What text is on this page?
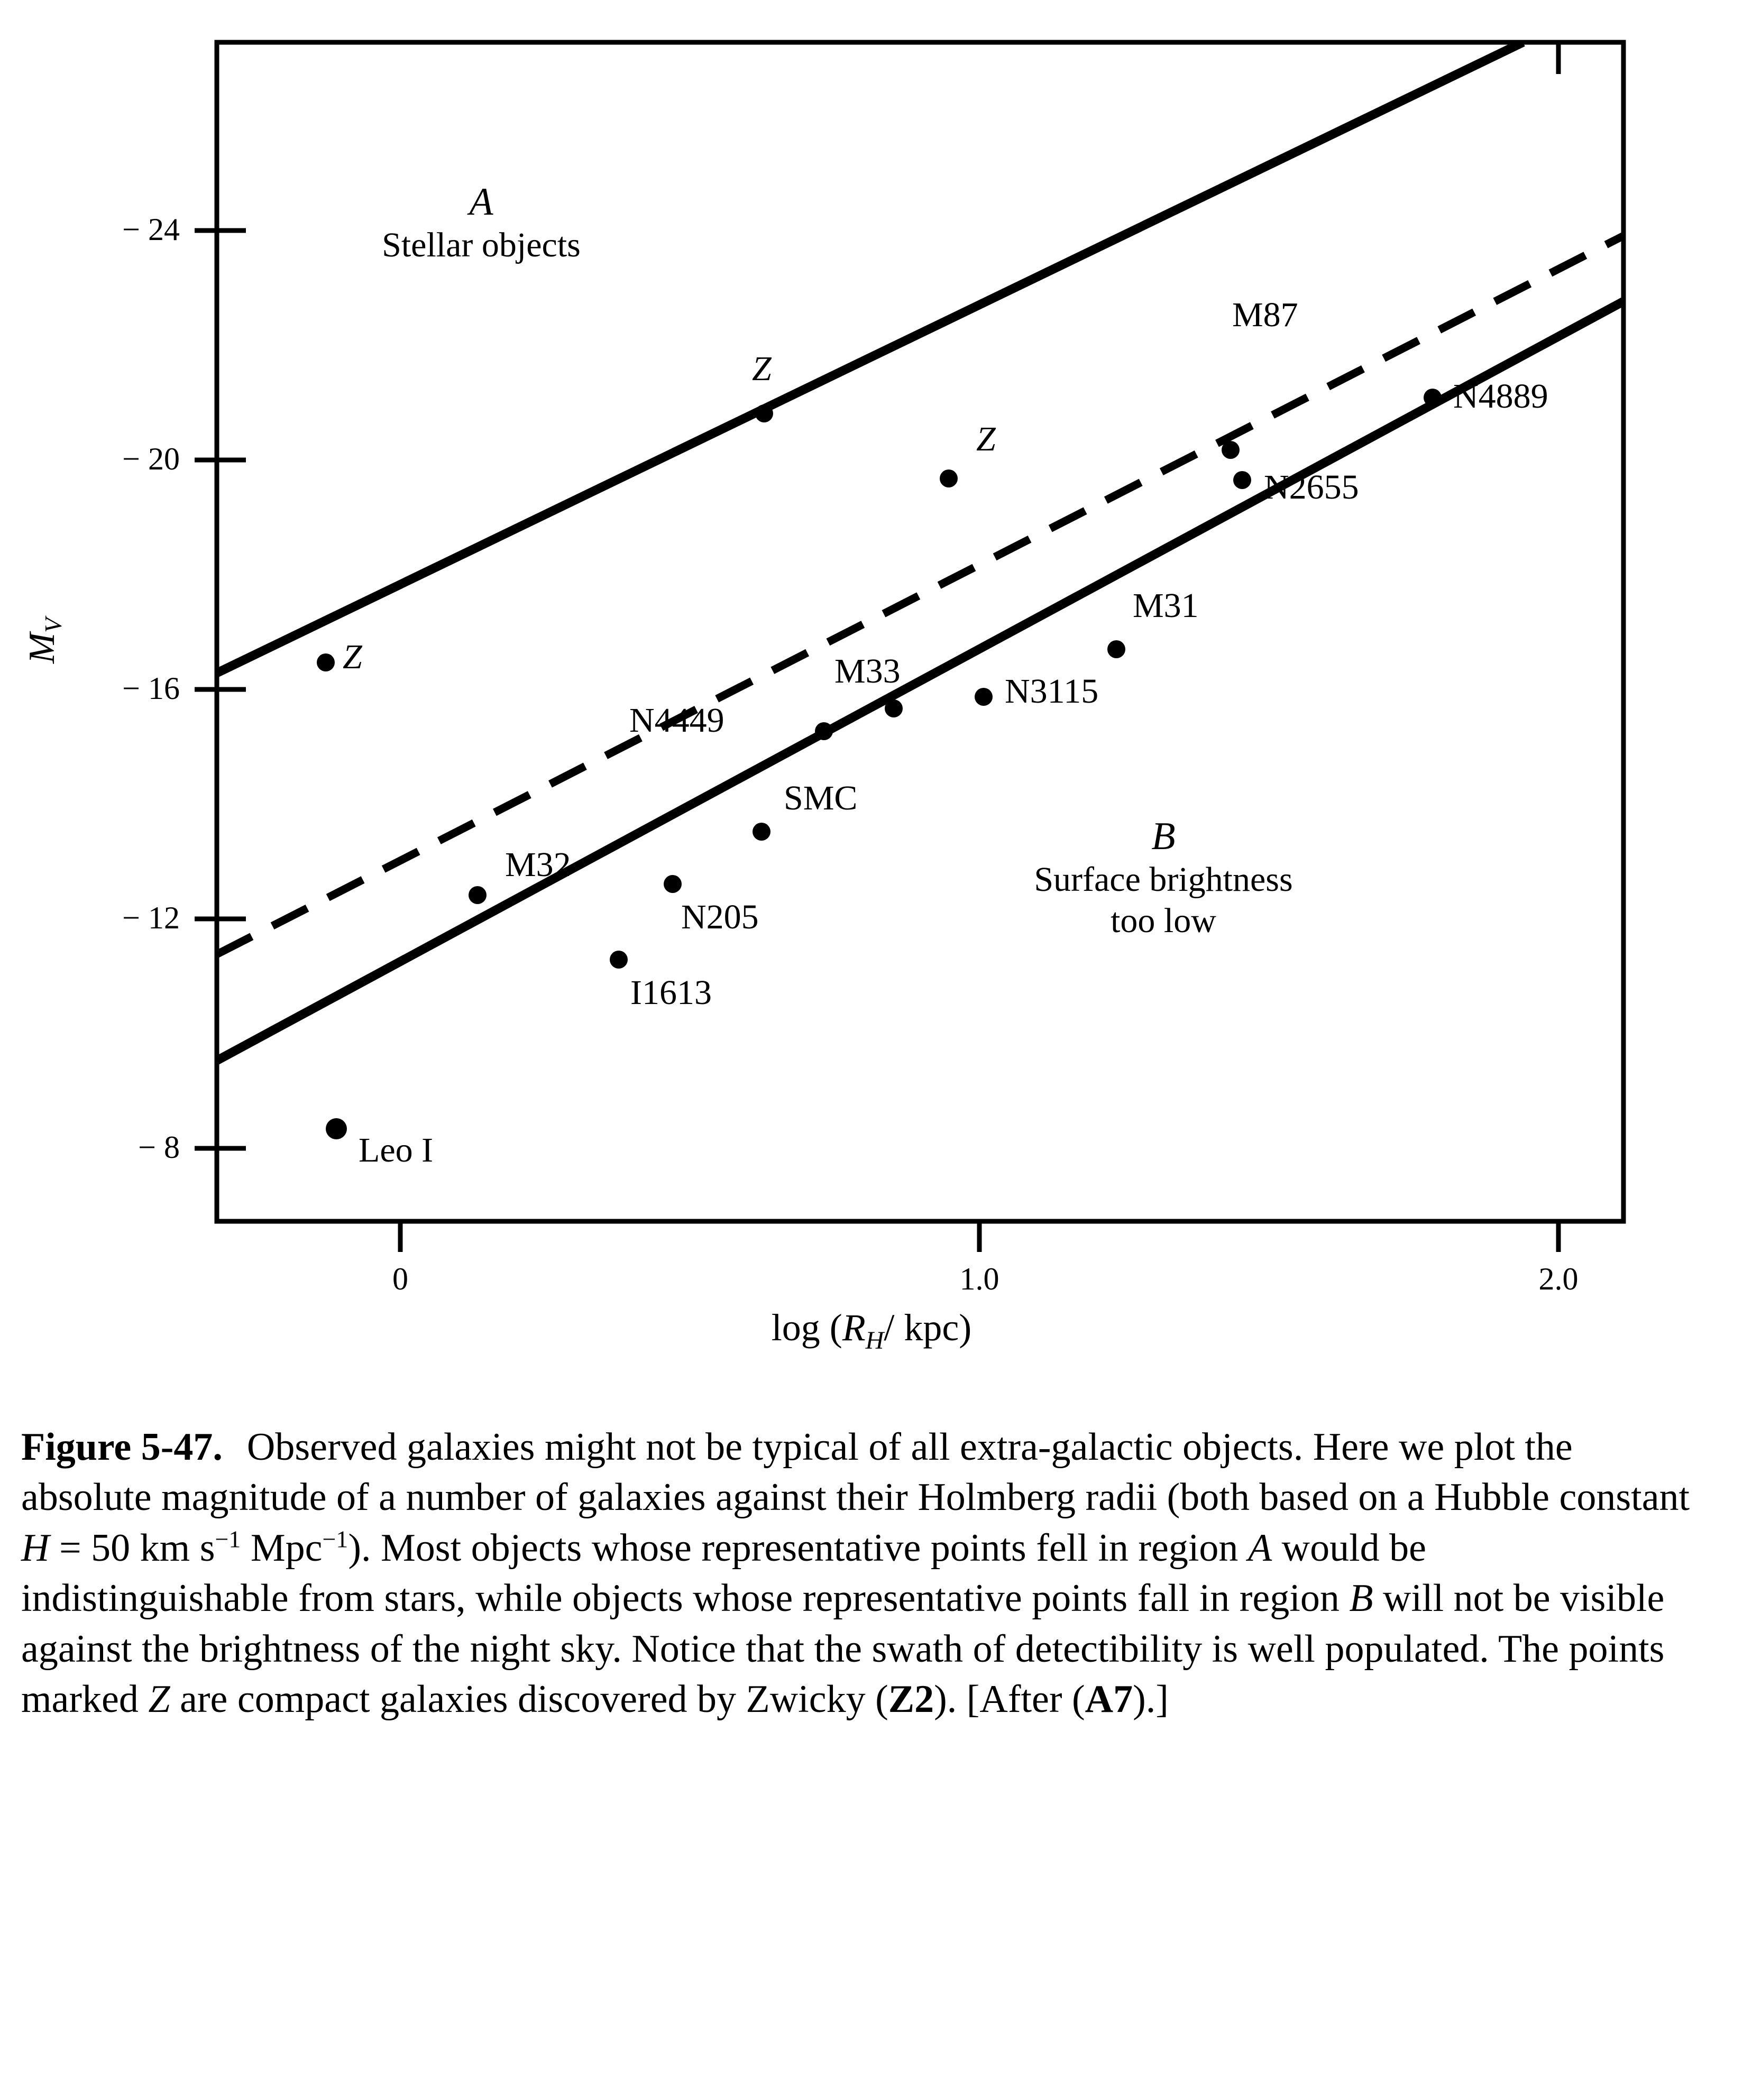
− 24
− 20
− 16
− 12
− 8
0	1.0	2.0
$M_V$
$\log (R_H/$ kpc)
A
Stellar objects
B
Surface brightness
too low
Z
Z
Z
M32
I1613
Leo I
N205
SMC
N4449
M33
N3115
M31
N2655
M87
N4889
Figure 5-47. Observed galaxies might not be typical of all extra-galactic objects. Here we plot the absolute magnitude of a number of galaxies against their Holmberg radii (both based on a Hubble constant H = 50 km $s^{-1}$ Mpc$^{-1}$). Most objects whose representative points fell in region A would be indistinguishable from stars, while objects whose representative points fall in region B will not be visible against the brightness of the night sky. Notice that the swath of detectibility is well populated. The points marked Z are compact galaxies discovered by Zwicky (Z2). [After (A7).]
